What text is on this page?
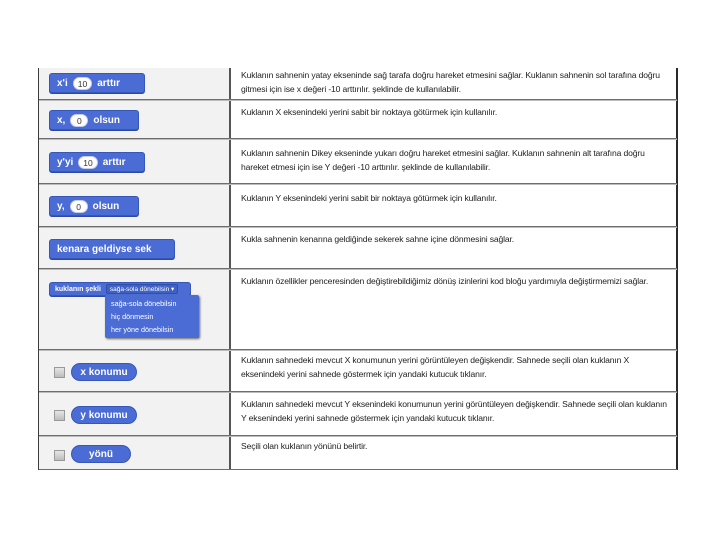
x'i	10	arttır
Kuklanın sahnenin yatay ekseninde sağ tarafa doğru hareket etmesini sağlar. Kuklanın sahnenin sol tarafına doğru gitmesi için ise x değeri -10 arttırılır. şeklinde de kullanılabilir.
x,	0	olsun
Kuklanın X eksenindeki yerini sabit bir noktaya götürmek için kullanılır.
y'yi	10	arttır
Kuklanın sahnenin Dikey ekseninde yukarı doğru hareket etmesini sağlar. Kuklanın sahnenin alt tarafına doğru hareket etmesi için ise Y değeri -10 arttırılır. şeklinde de kullanılabilir.
y,	0	olsun
Kuklanın Y eksenindeki yerini sabit bir noktaya götürmek için kullanılır.
kenara geldiyse sek
Kukla sahnenin kenarına geldiğinde sekerek sahne içine dönmesini sağlar.
kuklanın şekli	sağa-sola dönebilsin ▾
sağa-sola dönebilsin
hiç dönmesin
her yöne dönebilsin
Kuklanın özellikler penceresinden değiştirebildiğimiz dönüş izinlerini kod bloğu yardımıyla değiştirmemizi sağlar.
x konumu
Kuklanın sahnedeki mevcut X konumunun yerini görüntüleyen değişkendir. Sahnede seçili olan kuklanın X eksenindeki yerini sahnede göstermek için yandaki kutucuk tıklanır.
y konumu
Kuklanın sahnedeki mevcut Y eksenindeki konumunun yerini görüntüleyen değişkendir. Sahnede seçili olan kuklanın Y eksenindeki yerini sahnede göstermek için yandaki kutucuk tıklanır.
yönü
Seçili olan kuklanın yönünü belirtir.
